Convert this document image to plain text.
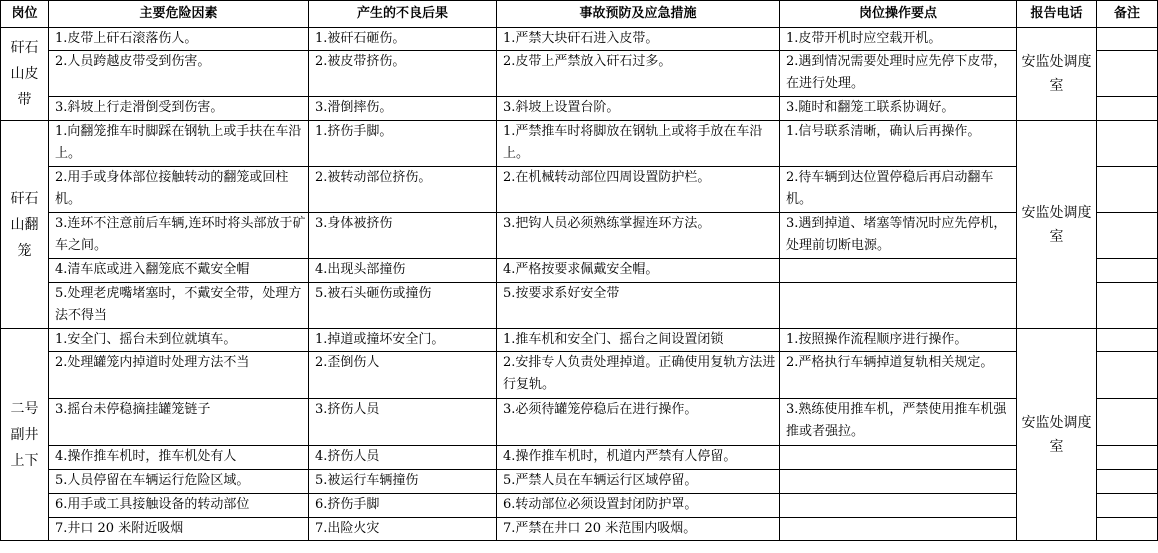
岗位	主要危险因素	产生的不良后果	事故预防及应急措施	岗位操作要点	报告电话	备注
矸石山皮带	1.皮带上矸石滚落伤人。	1.被矸石砸伤。	1.严禁大块矸石进入皮带。	1.皮带开机时应空载开机。	安监处调度室	
	2.人员跨越皮带受到伤害。	2.被皮带挤伤。	2.皮带上严禁放入矸石过多。	2.遇到情况需要处理时应先停下皮带，在进行处理。		
	3.斜坡上行走滑倒受到伤害。	3.滑倒摔伤。	3.斜坡上设置台阶。	3.随时和翻笼工联系协调好。		
矸石山翻笼	1.向翻笼推车时脚踩在钢轨上或手扶在车沿上。	1.挤伤手脚。	1.严禁推车时将脚放在钢轨上或将手放在车沿上。	1.信号联系清晰，确认后再操作。	安监处调度室	
	2.用手或身体部位接触转动的翻笼或回柱机。	2.被转动部位挤伤。	2.在机械转动部位四周设置防护栏。	2.待车辆到达位置停稳后再启动翻车机。		
	3.连环不注意前后车辆,连环时将头部放于矿车之间。	3.身体被挤伤	3.把钩人员必须熟练掌握连环方法。	3.遇到掉道、堵塞等情况时应先停机，处理前切断电源。		
	4.清车底或进入翻笼底不戴安全帽	4.出现头部撞伤	4.严格按要求佩戴安全帽。			
	5.处理老虎嘴堵塞时，不戴安全带，处理方法不得当	5.被石头砸伤或撞伤	5.按要求系好安全带			
二号副井上下	1.安全门、摇台未到位就填车。	1.掉道或撞坏安全门。	1.推车机和安全门、摇台之间设置闭锁	1.按照操作流程顺序进行操作。	安监处调度室	
	2.处理罐笼内掉道时处理方法不当	2.歪倒伤人	2.安排专人负责处理掉道。正确使用复轨方法进行复轨。	2.严格执行车辆掉道复轨相关规定。		
	3.摇台未停稳摘挂罐笼链子	3.挤伤人员	3.必须待罐笼停稳后在进行操作。	3.熟练使用推车机，严禁使用推车机强推或者强拉。		
	4.操作推车机时，推车机处有人	4.挤伤人员	4.操作推车机时，机道内严禁有人停留。			
	5.人员停留在车辆运行危险区域。	5.被运行车辆撞伤	5.严禁人员在车辆运行区域停留。			
	6.用手或工具接触设备的转动部位	6.挤伤手脚	6.转动部位必须设置封闭防护罩。			
	7.井口 20 米附近吸烟	7.出险火灾	7.严禁在井口 20 米范围内吸烟。			
